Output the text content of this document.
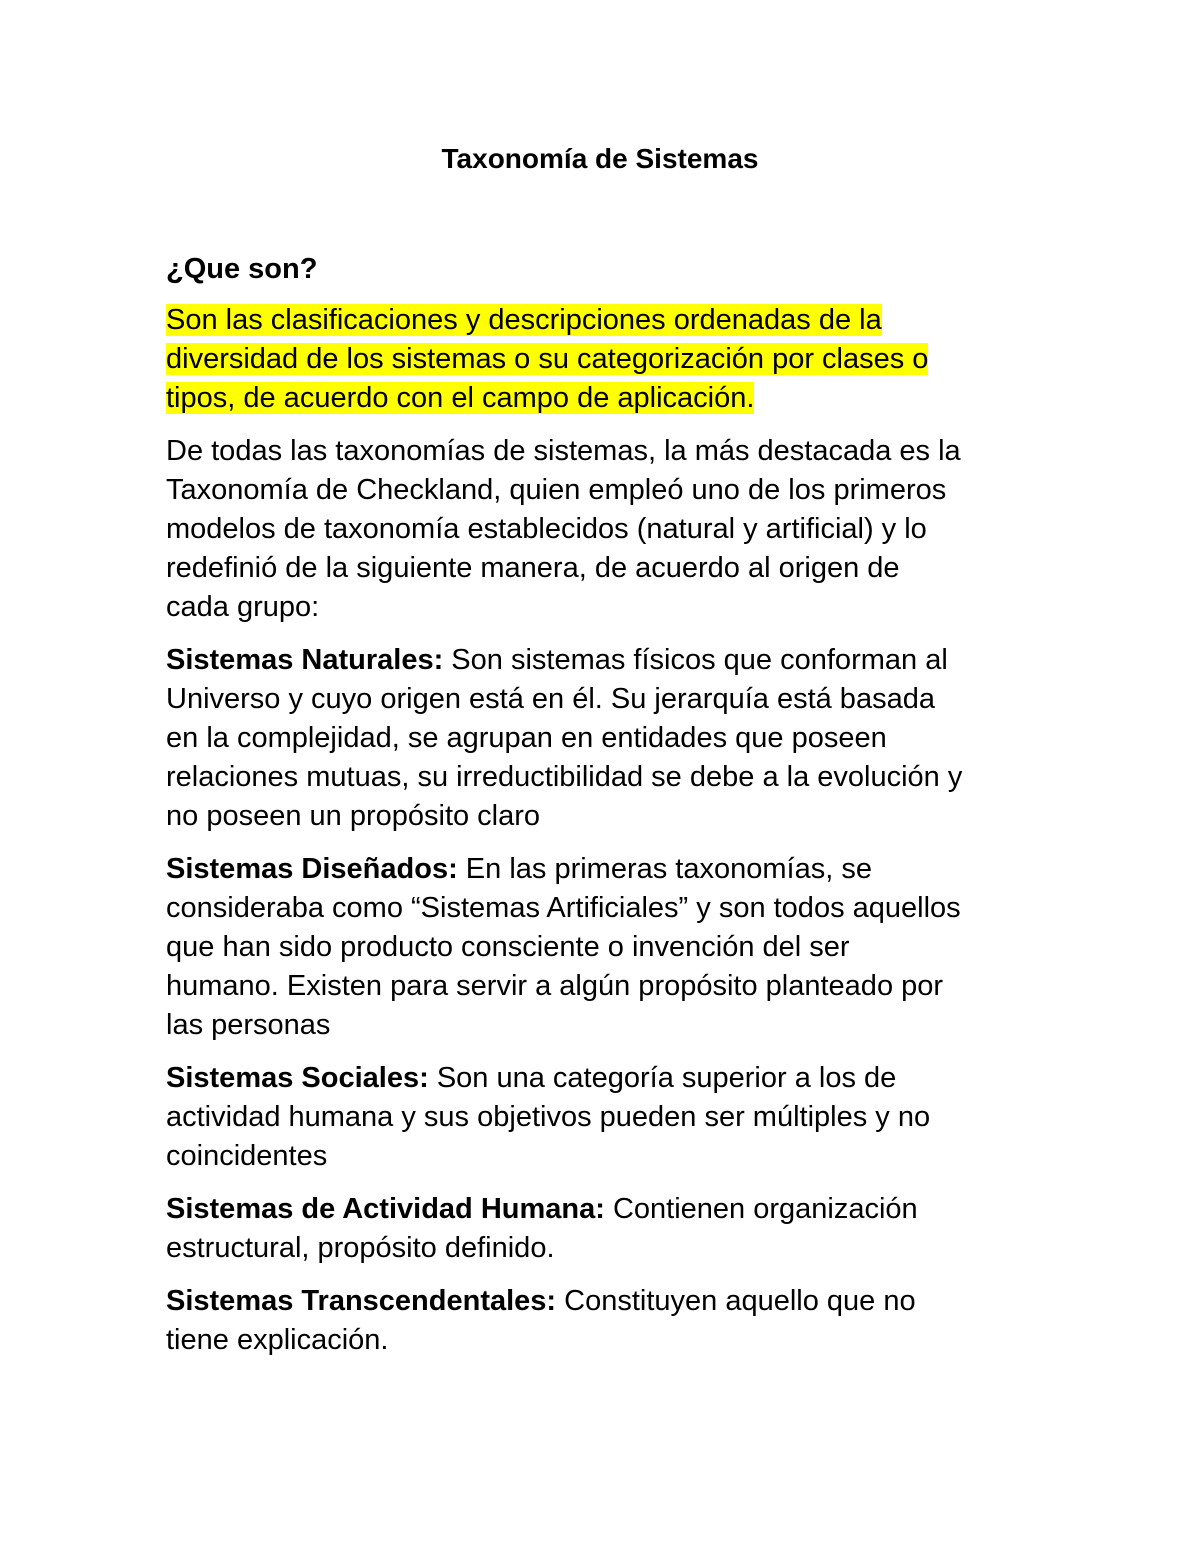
Taxonomía de Sistemas
¿Que son?

Son las clasificaciones y descripciones ordenadas de la
diversidad de los sistemas o su categorización por clases o
tipos, de acuerdo con el campo de aplicación.

De todas las taxonomías de sistemas, la más destacada es la
Taxonomía de Checkland, quien empleó uno de los primeros
modelos de taxonomía establecidos (natural y artificial) y lo
redefinió de la siguiente manera, de acuerdo al origen de
cada grupo:

Sistemas Naturales: Son sistemas físicos que conforman al
Universo y cuyo origen está en él. Su jerarquía está basada
en la complejidad, se agrupan en entidades que poseen
relaciones mutuas, su irreductibilidad se debe a la evolución y
no poseen un propósito claro

Sistemas Diseñados: En las primeras taxonomías, se
consideraba como “Sistemas Artificiales” y son todos aquellos
que han sido producto consciente o invención del ser
humano. Existen para servir a algún propósito planteado por
las personas

Sistemas Sociales: Son una categoría superior a los de
actividad humana y sus objetivos pueden ser múltiples y no
coincidentes

Sistemas de Actividad Humana: Contienen organización
estructural, propósito definido.

Sistemas Transcendentales: Constituyen aquello que no
tiene explicación.
